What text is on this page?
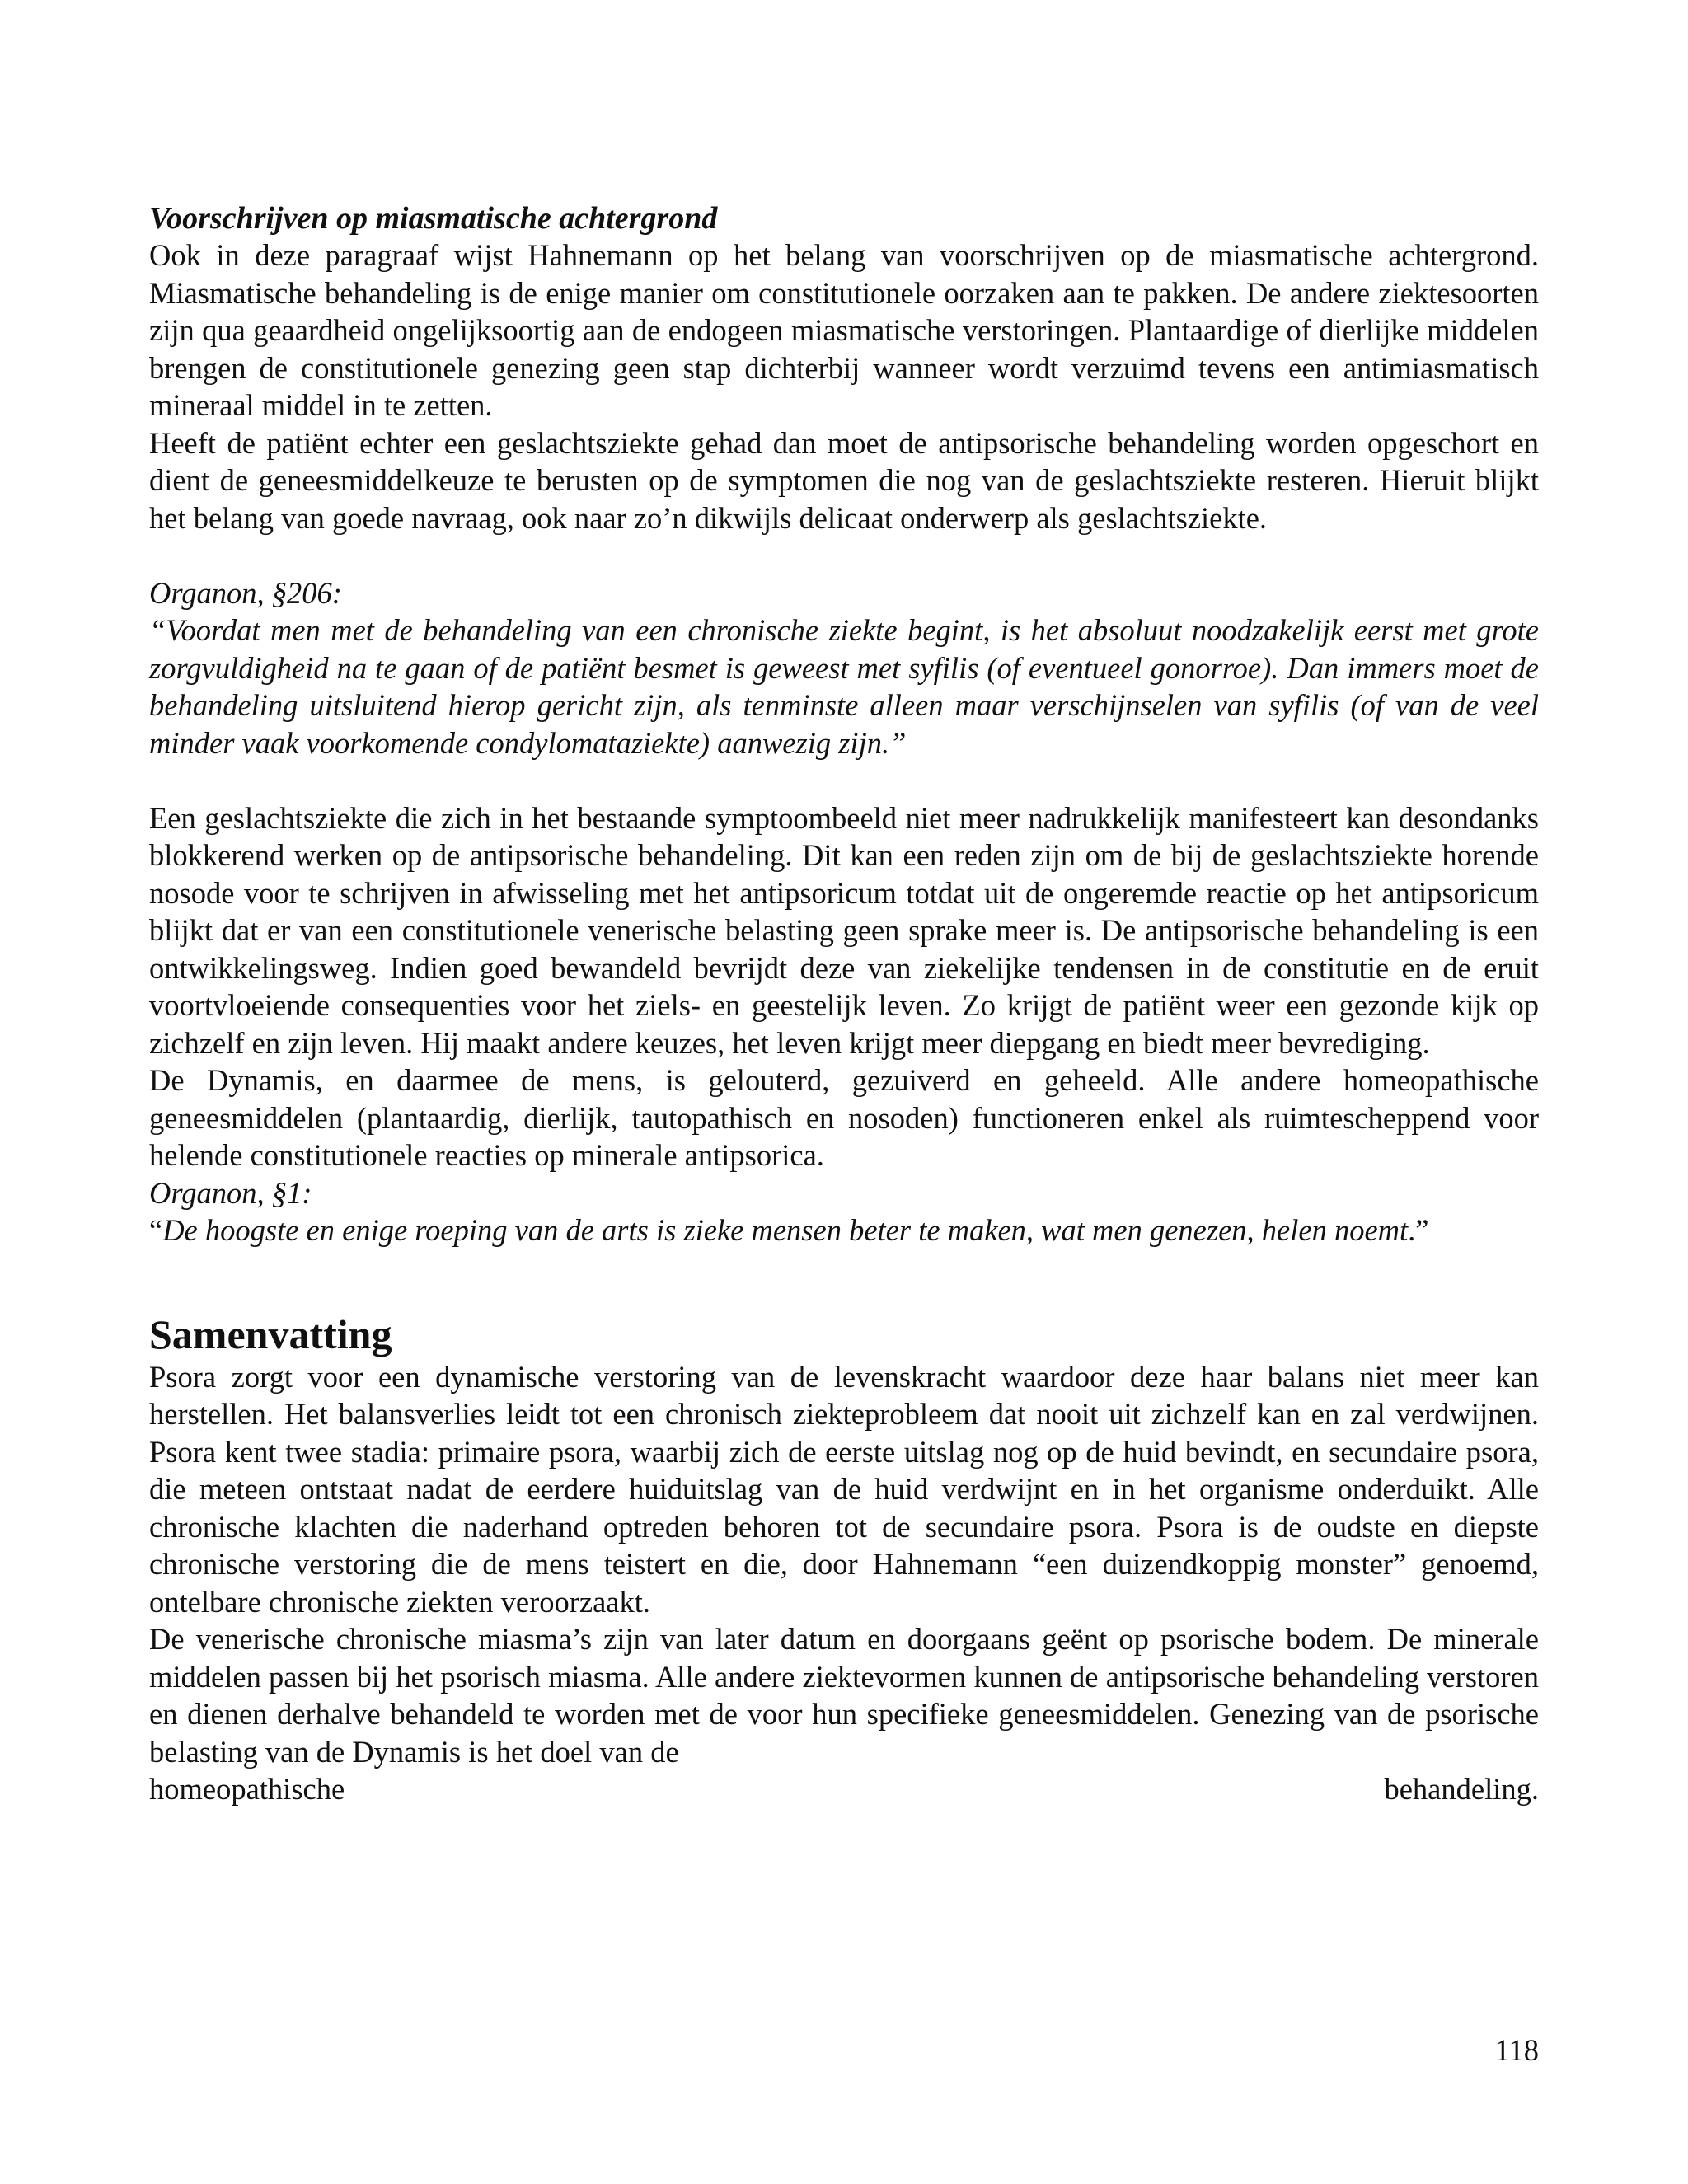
Voorschrijven op miasmatische achtergrond

Ook in deze paragraaf wijst Hahnemann op het belang van voorschrijven op de miasmatische achtergrond. Miasmatische behandeling is de enige manier om constitutionele oorzaken aan te pakken. De andere ziektesoorten zijn qua geaardheid ongelijksoortig aan de endogeen miasmatische verstoringen. Plantaardige of dierlijke middelen brengen de constitutionele genezing geen stap dichterbij wanneer wordt verzuimd tevens een antimiasmatisch mineraal middel in te zetten.

Heeft de patiënt echter een geslachtsziekte gehad dan moet de antipsorische behandeling worden opgeschort en dient de geneesmiddelkeuze te berusten op de symptomen die nog van de geslachtsziekte resteren. Hieruit blijkt het belang van goede navraag, ook naar zo’n dikwijls delicaat onderwerp als geslachtsziekte.

Organon, §206:

“Voordat men met de behandeling van een chronische ziekte begint, is het absoluut noodzakelijk eerst met grote zorgvuldigheid na te gaan of de patiënt besmet is geweest met syfilis (of eventueel gonorroe). Dan immers moet de behandeling uitsluitend hierop gericht zijn, als tenminste alleen maar verschijnselen van syfilis (of van de veel minder vaak voorkomende condylomataziekte) aanwezig zijn.”

Een geslachtsziekte die zich in het bestaande symptoombeeld niet meer nadrukkelijk manifesteert kan desondanks blokkerend werken op de antipsorische behandeling. Dit kan een reden zijn om de bij de geslachtsziekte horende nosode voor te schrijven in afwisseling met het antipsoricum totdat uit de ongeremde reactie op het antipsoricum blijkt dat er van een constitutionele venerische belasting geen sprake meer is. De antipsorische behandeling is een ontwikkelingsweg. Indien goed bewandeld bevrijdt deze van ziekelijke tendensen in de constitutie en de eruit voortvloeiende consequenties voor het ziels- en geestelijk leven. Zo krijgt de patiënt weer een gezonde kijk op zichzelf en zijn leven. Hij maakt andere keuzes, het leven krijgt meer diepgang en biedt meer bevrediging.

De Dynamis, en daarmee de mens, is gelouterd, gezuiverd en geheeld. Alle andere homeopathische geneesmiddelen (plantaardig, dierlijk, tautopathisch en nosoden) functioneren enkel als ruimtescheppend voor helende constitutionele reacties op minerale antipsorica.

Organon, §1:

“De hoogste en enige roeping van de arts is zieke mensen beter te maken, wat men genezen, helen noemt.”

Samenvatting

Psora zorgt voor een dynamische verstoring van de levenskracht waardoor deze haar balans niet meer kan herstellen. Het balansverlies leidt tot een chronisch ziekteprobleem dat nooit uit zichzelf kan en zal verdwijnen. Psora kent twee stadia: primaire psora, waarbij zich de eerste uitslag nog op de huid bevindt, en secundaire psora, die meteen ontstaat nadat de eerdere huiduitslag van de huid verdwijnt en in het organisme onderduikt. Alle chronische klachten die naderhand optreden behoren tot de secundaire psora. Psora is de oudste en diepste chronische verstoring die de mens teistert en die, door Hahnemann “een duizendkoppig monster” genoemd, ontelbare chronische ziekten veroorzaakt.

De venerische chronische miasma’s zijn van later datum en doorgaans geënt op psorische bodem. De minerale middelen passen bij het psorisch miasma. Alle andere ziektevormen kunnen de antipsorische behandeling verstoren en dienen derhalve behandeld te worden met de voor hun specifieke geneesmiddelen. Genezing van de psorische belasting van de Dynamis is het doel van de

homeopathische	behandeling.
118
